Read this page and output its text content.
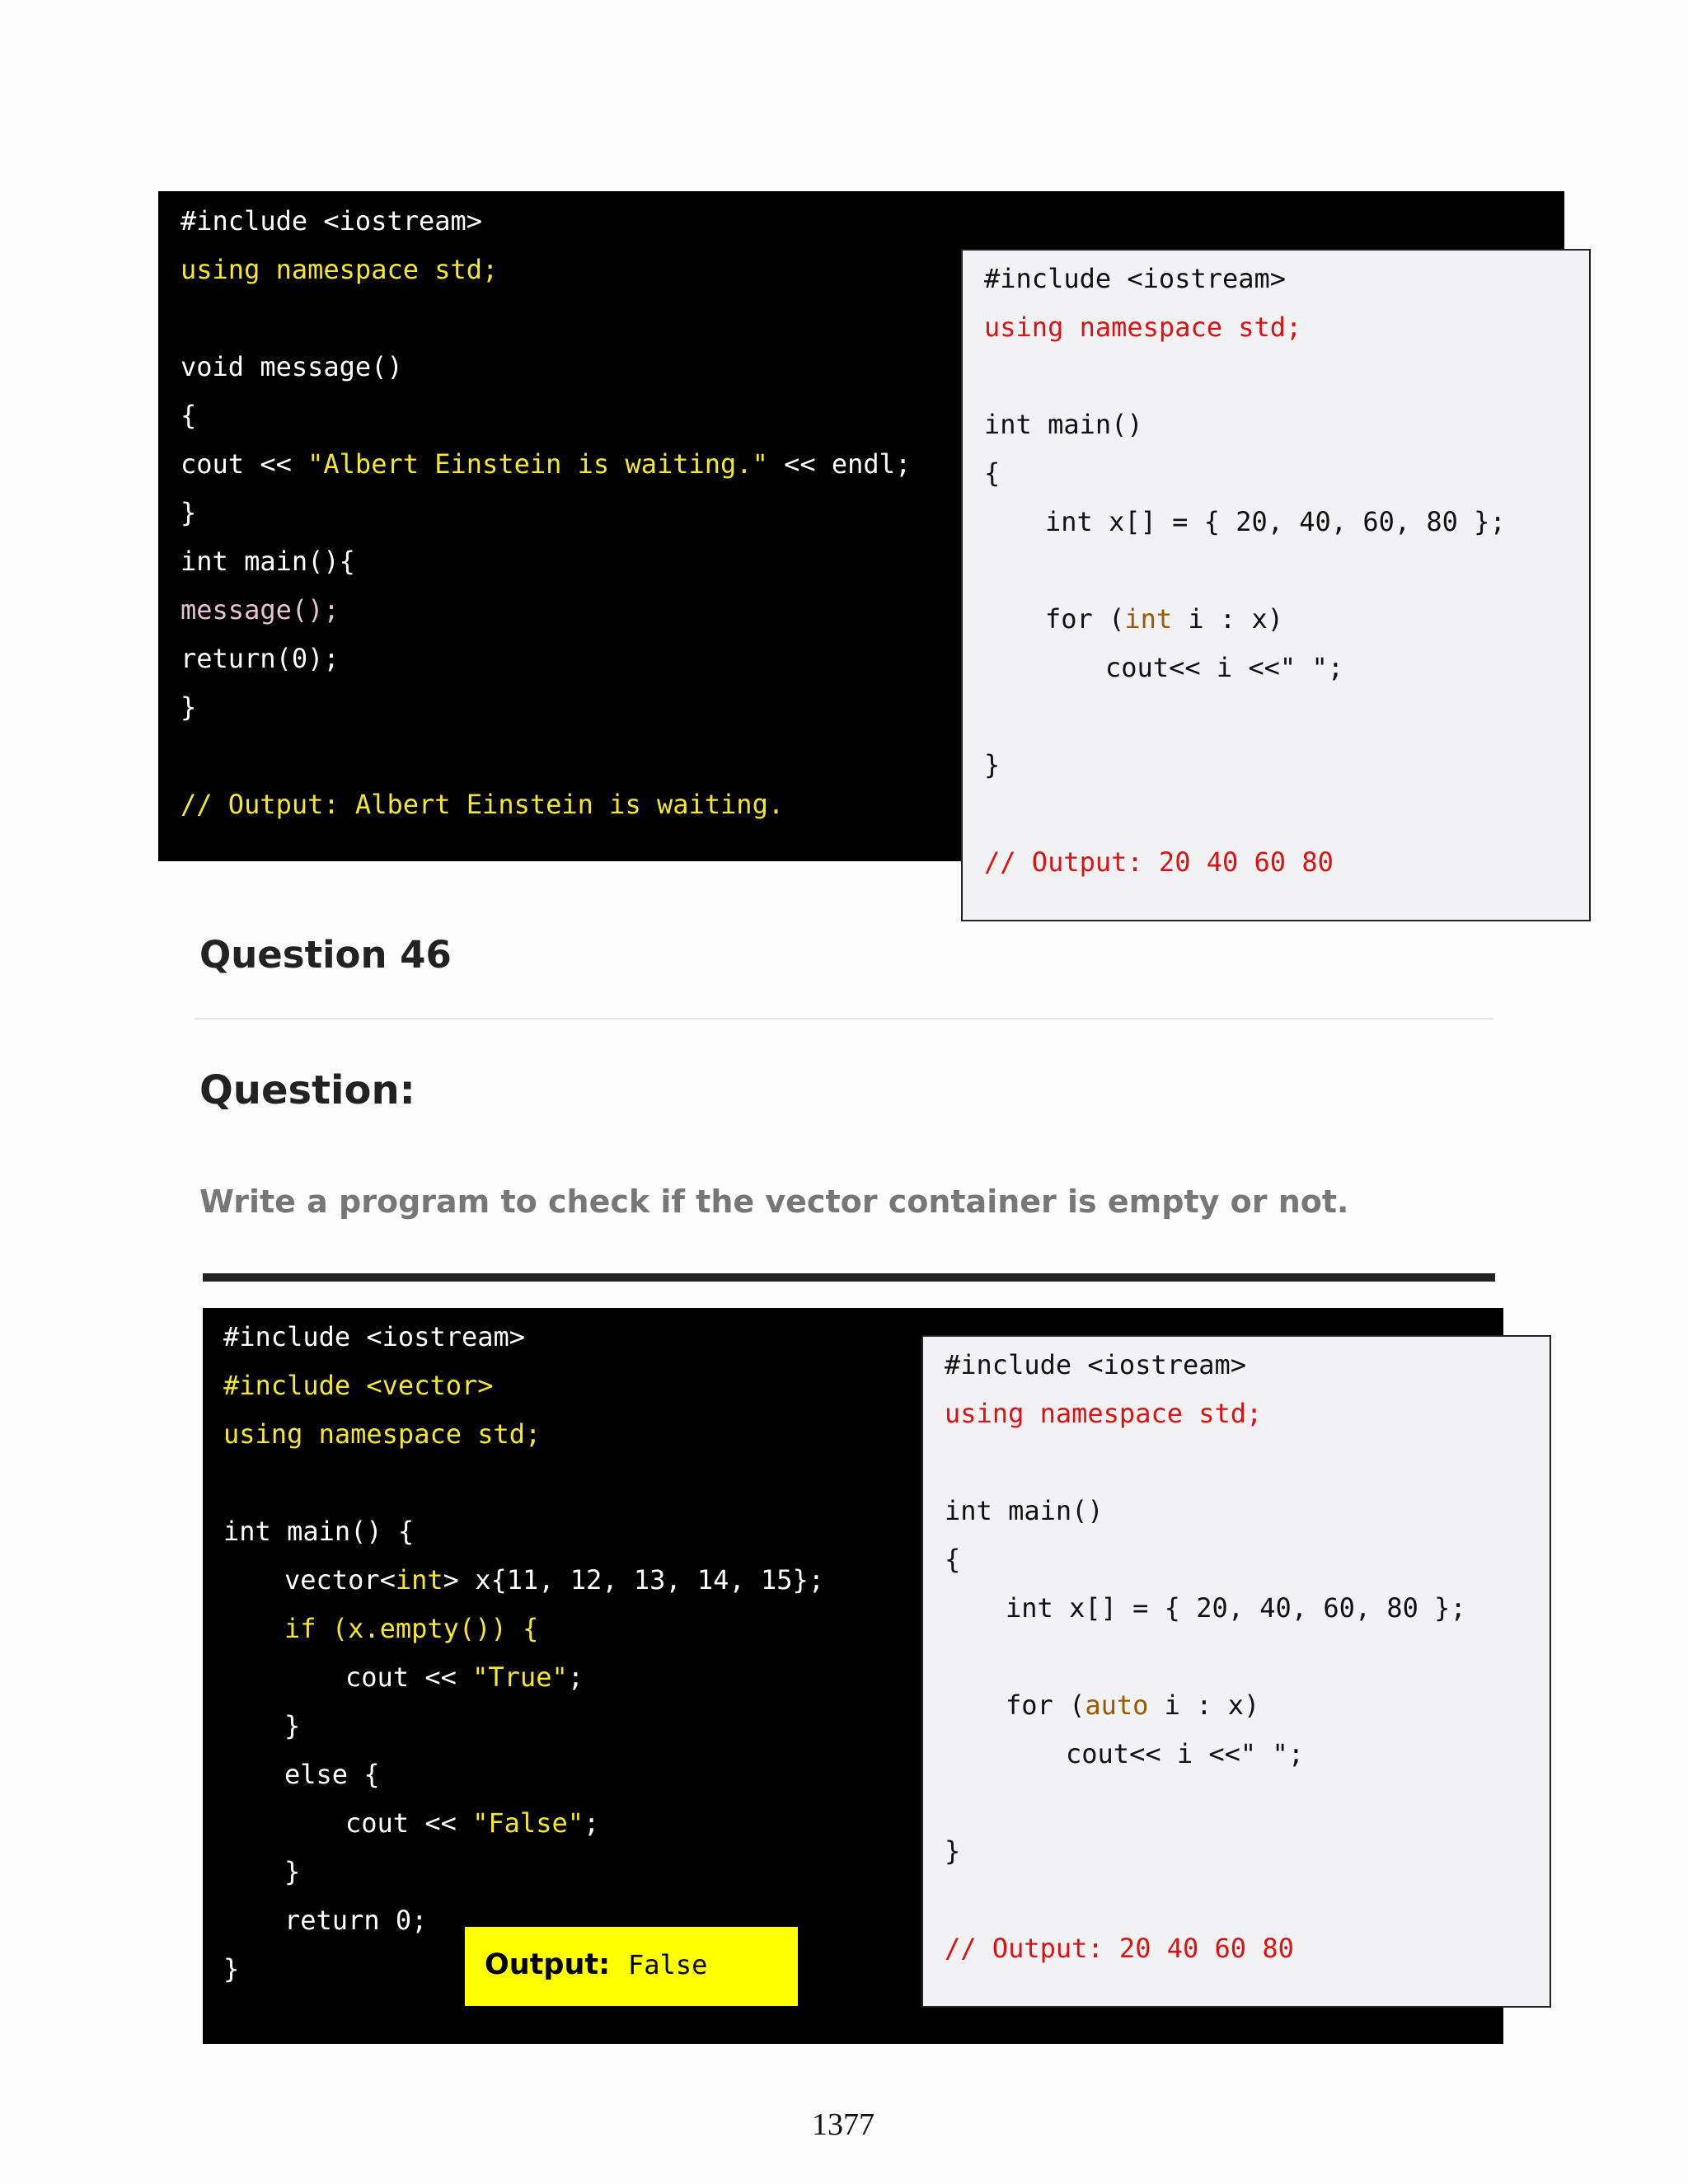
#include <iostream>

using namespace std;

void message()

{

cout << "Albert Einstein is waiting." << endl;

}

int main(){

message();

return(0);

}

// Output: Albert Einstein is waiting.

#include <iostream>

using namespace std;

int main()

{

int x[] = { 20, 40, 60, 80 };

for (int i : x)

cout<< i <<" ";

}

// Output: 20 40 60 80

Question 46
Question:
Write a program to check if the vector container is empty or not.

#include <iostream>

#include <vector>

using namespace std;

int main() {

vector<int> x{11, 12, 13, 14, 15};

if (x.empty()) {

cout << "True";

}

else {

cout << "False";

}

return 0;

}	Output: False

#include <iostream>

using namespace std;

int main()

{

int x[] = { 20, 40, 60, 80 };

for (auto i : x)

cout<< i <<" ";

}

// Output: 20 40 60 80

1377
